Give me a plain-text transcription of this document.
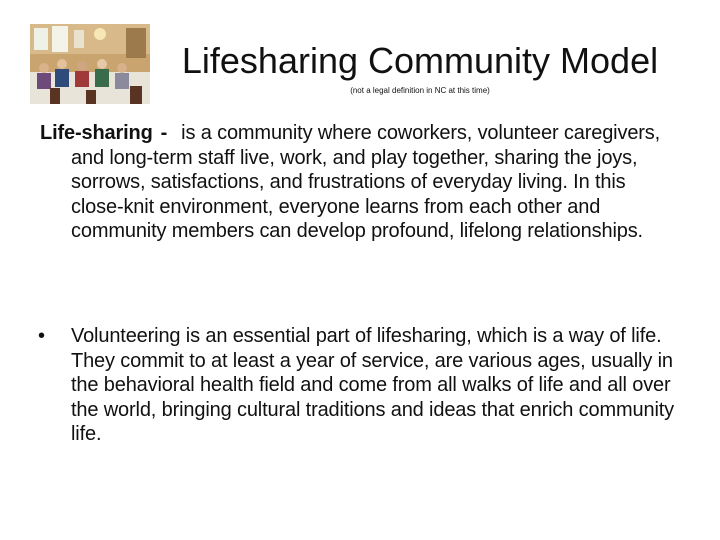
Lifesharing Community Model
(not a legal definition in NC at this time)
Life-sharing - is a community where coworkers, volunteer caregivers, and long-term staff live, work, and play together, sharing the joys, sorrows, satisfactions, and frustrations of everyday living. In this close-knit environment, everyone learns from each other and community members can develop profound, lifelong relationships.
•	Volunteering is an essential part of lifesharing, which is a way of life. They commit to at least a year of service, are various ages, usually in the behavioral health field and come from all walks of life and all over the world, bringing cultural traditions and ideas that enrich community life.
